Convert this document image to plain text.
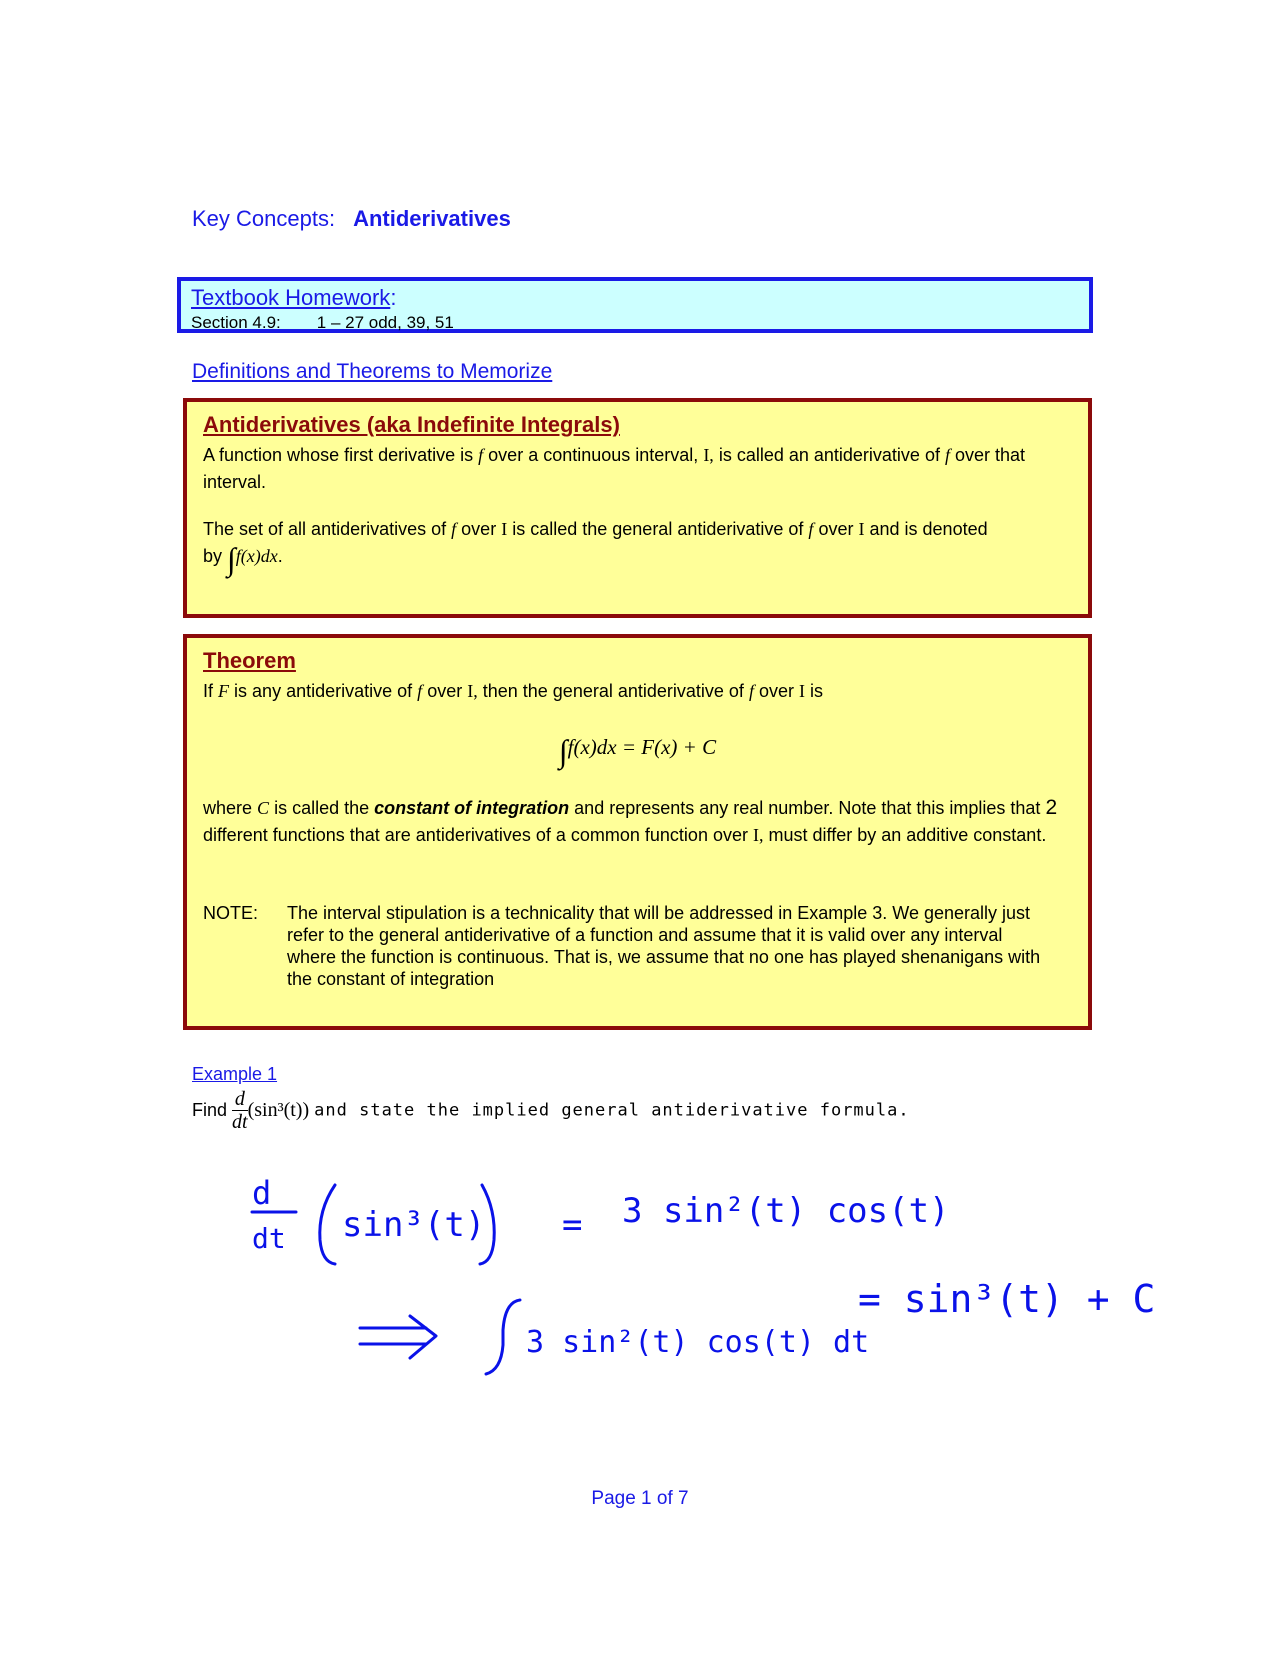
Key Concepts: Antiderivatives
Textbook Homework:
Section 4.9: 1 – 27 odd, 39, 51
Definitions and Theorems to Memorize
Antiderivatives (aka Indefinite Integrals)
A function whose first derivative is f over a continuous interval, I, is called an antiderivative of f over that interval.
The set of all antiderivatives of f over I is called the general antiderivative of f over I and is denoted
by ∫f(x)dx.
Theorem
If F is any antiderivative of f over I, then the general antiderivative of f over I is
∫f(x)dx = F(x) + C
where C is called the constant of integration and represents any real number. Note that this implies that 2 different functions that are antiderivatives of a common function over I, must differ by an additive constant.
NOTE:	The interval stipulation is a technicality that will be addressed in Example 3. We generally just refer to the general antiderivative of a function and assume that it is valid over any interval where the function is continuous. That is, we assume that no one has played shenanigans with the constant of integration
Example 1
Find $\frac{d}{dt} (\sin^3(t))$ and state the implied general antiderivative formula.
d
dt sin³(t) = 3 sin²(t) cos(t)
3 sin²(t) cos(t) dt
= sin³(t) + C
Page 1 of 7
